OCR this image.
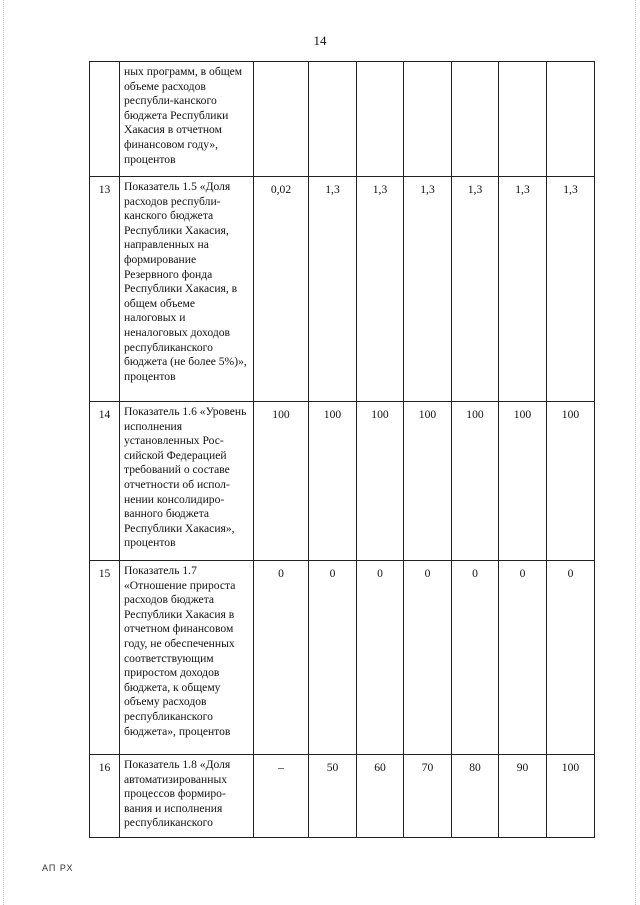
14
	ных программ, в общем объеме расходов республи-канского бюджета Республики Хакасия в отчетном финансовом году», процентов							
13	Показатель 1.5 «Доля расходов республи-канского бюджета Республики Хакасия, направленных на формирование Резервного фонда Республики Хакасия, в общем объеме налоговых и неналоговых доходов республиканского бюджета (не более 5%)», процентов	0,02	1,3	1,3	1,3	1,3	1,3	1,3
14	Показатель 1.6 «Уровень исполнения установленных Рос-сийской Федерацией требований о составе отчетности об испол-нении консолидиро-ванного бюджета Республики Хакасия», процентов	100	100	100	100	100	100	100
15	Показатель 1.7 «Отношение прироста расходов бюджета Республики Хакасия в отчетном финансовом году, не обеспеченных соответствующим приростом доходов бюджета, к общему объему расходов республиканского бюджета», процентов	0	0	0	0	0	0	0
16	Показатель 1.8 «Доля автоматизированных процессов формиро-вания и исполнения республиканского	–	50	60	70	80	90	100
АП РХ
